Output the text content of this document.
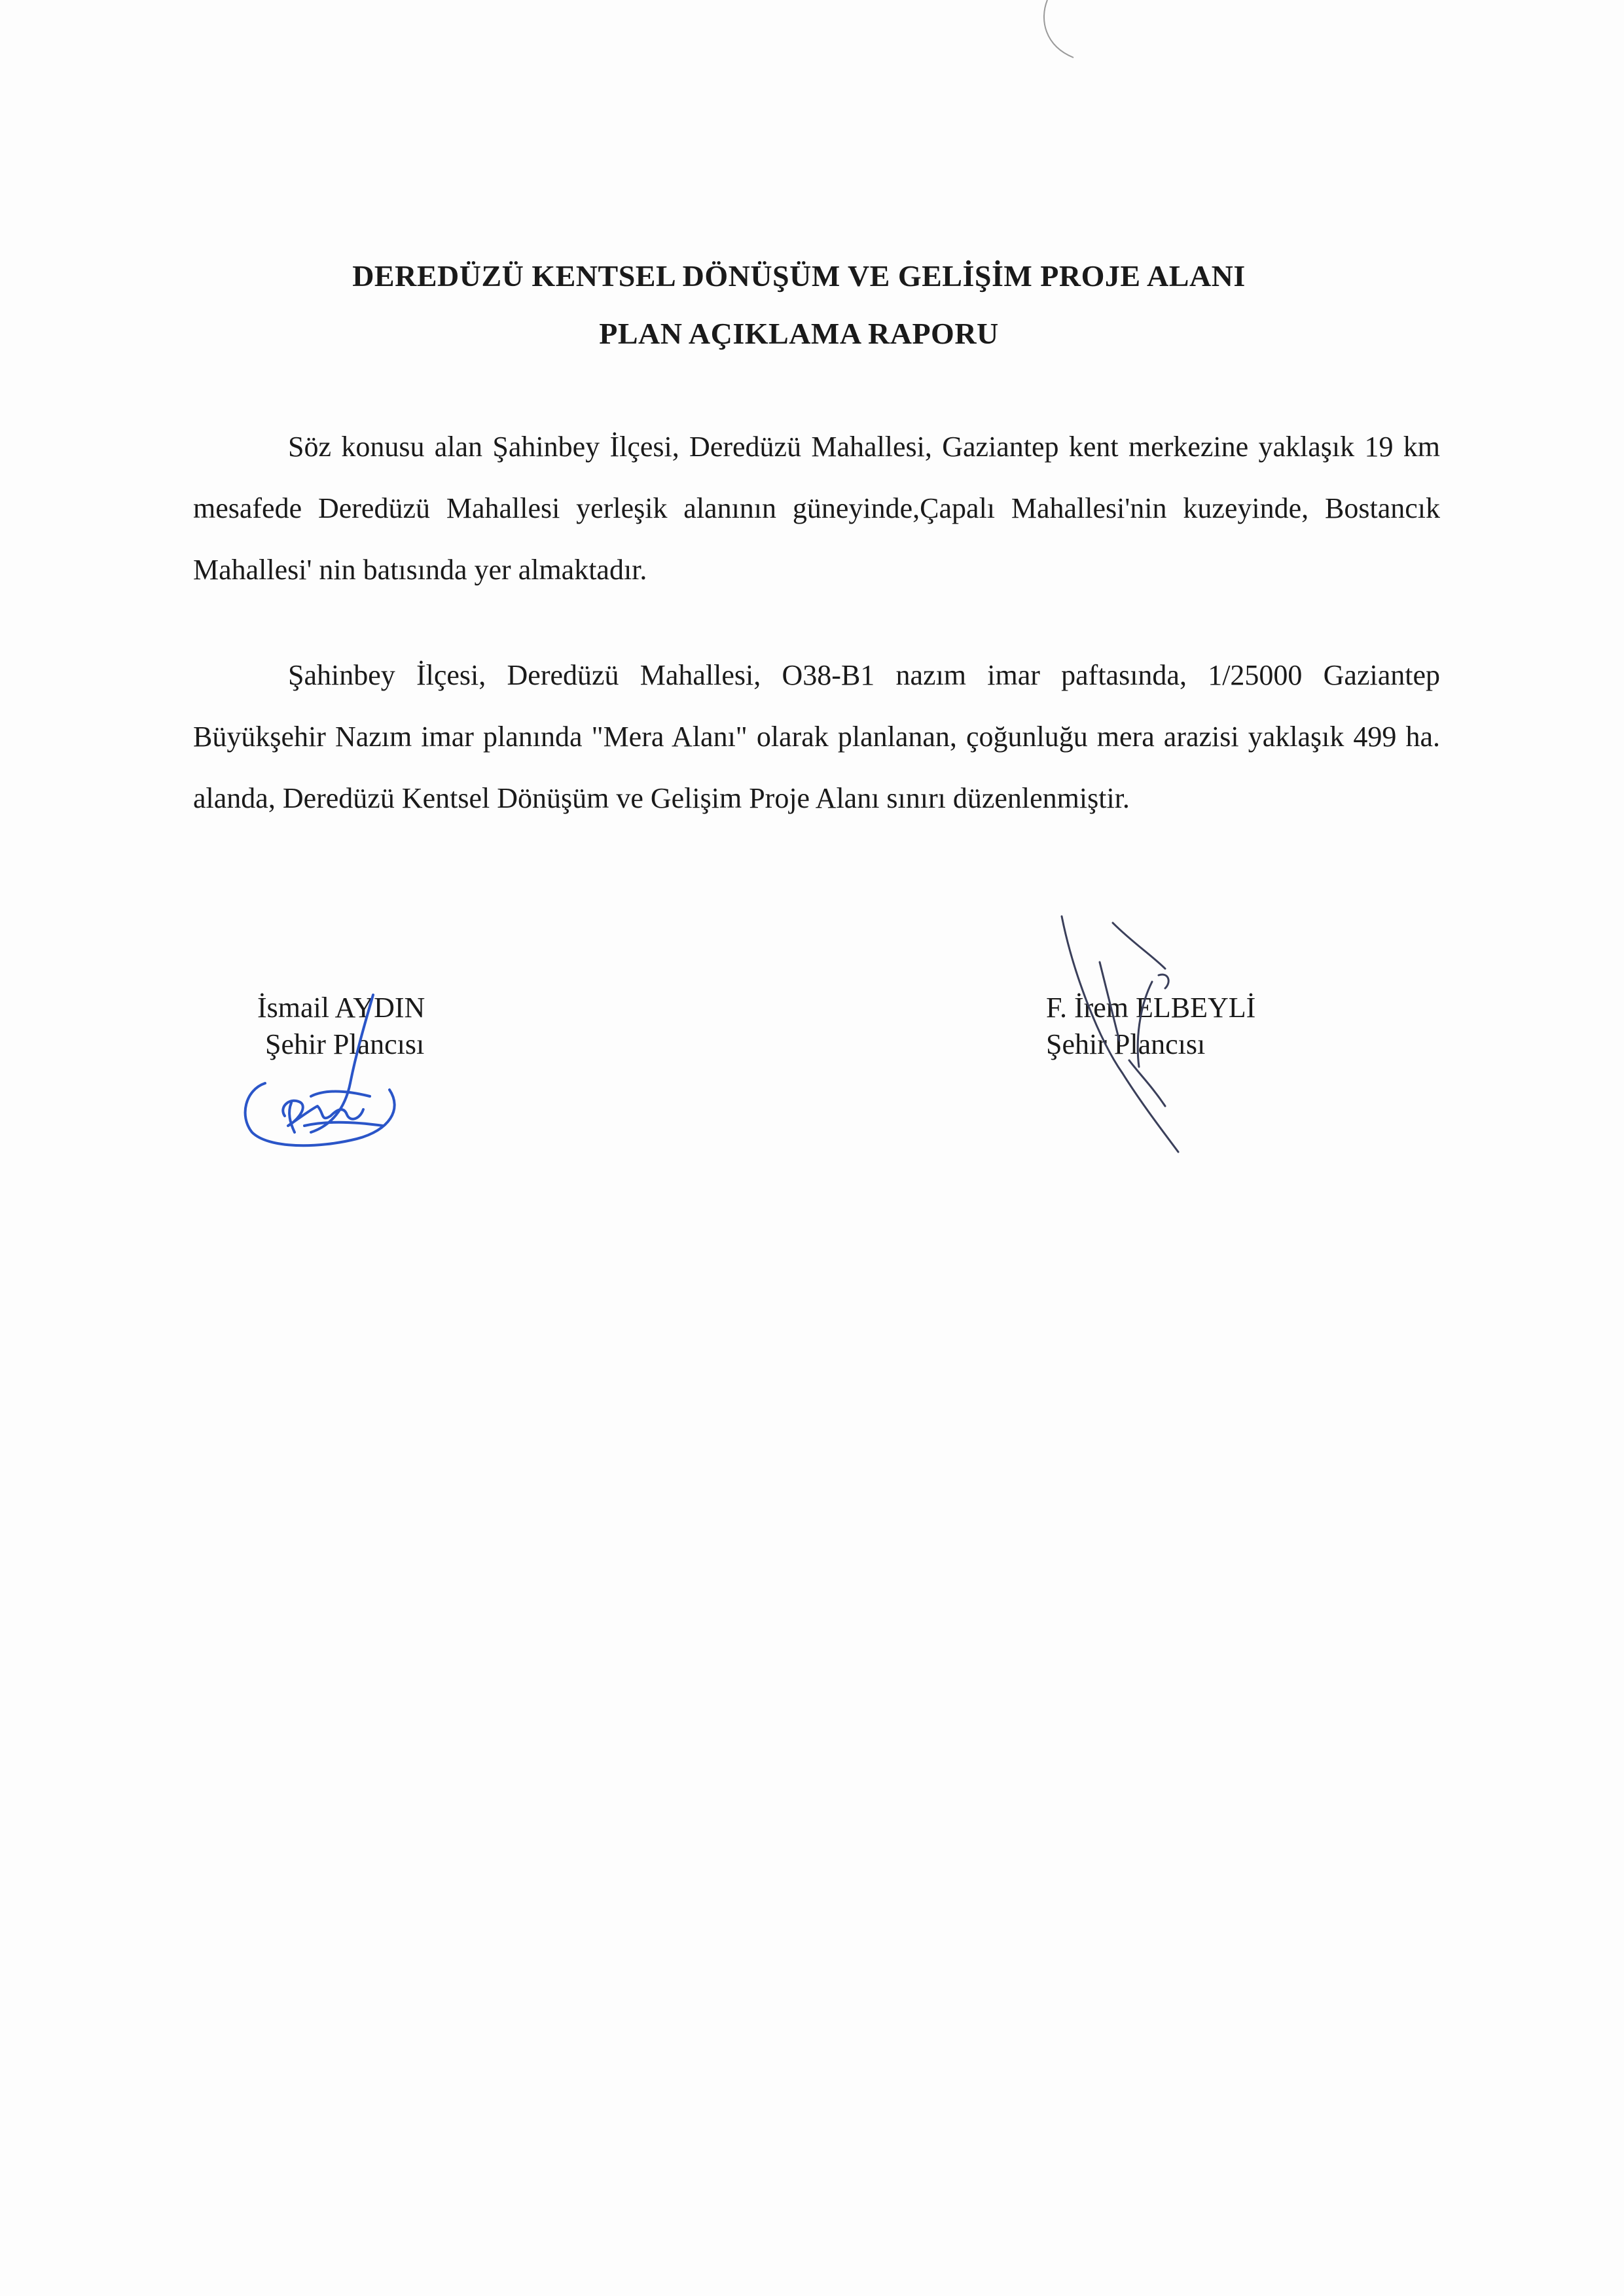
DEREDÜZÜ KENTSEL DÖNÜŞÜM VE GELİŞİM PROJE ALANI
PLAN AÇIKLAMA RAPORU

Söz konusu alan Şahinbey İlçesi, Deredüzü Mahallesi, Gaziantep kent merkezine yaklaşık 19 km mesafede Deredüzü Mahallesi yerleşik alanının güneyinde,Çapalı Mahallesi'nin kuzeyinde, Bostancık Mahallesi' nin batısında yer almaktadır.

Şahinbey İlçesi, Deredüzü Mahallesi, O38-B1 nazım imar paftasında, 1/25000 Gaziantep Büyükşehir Nazım imar planında "Mera Alanı" olarak planlanan, çoğunluğu mera arazisi yaklaşık 499 ha. alanda, Deredüzü Kentsel Dönüşüm ve Gelişim Proje Alanı sınırı düzenlenmiştir.

İsmail AYDIN
Şehir Plancısı
F. İrem ELBEYLİ
Şehir Plancısı
